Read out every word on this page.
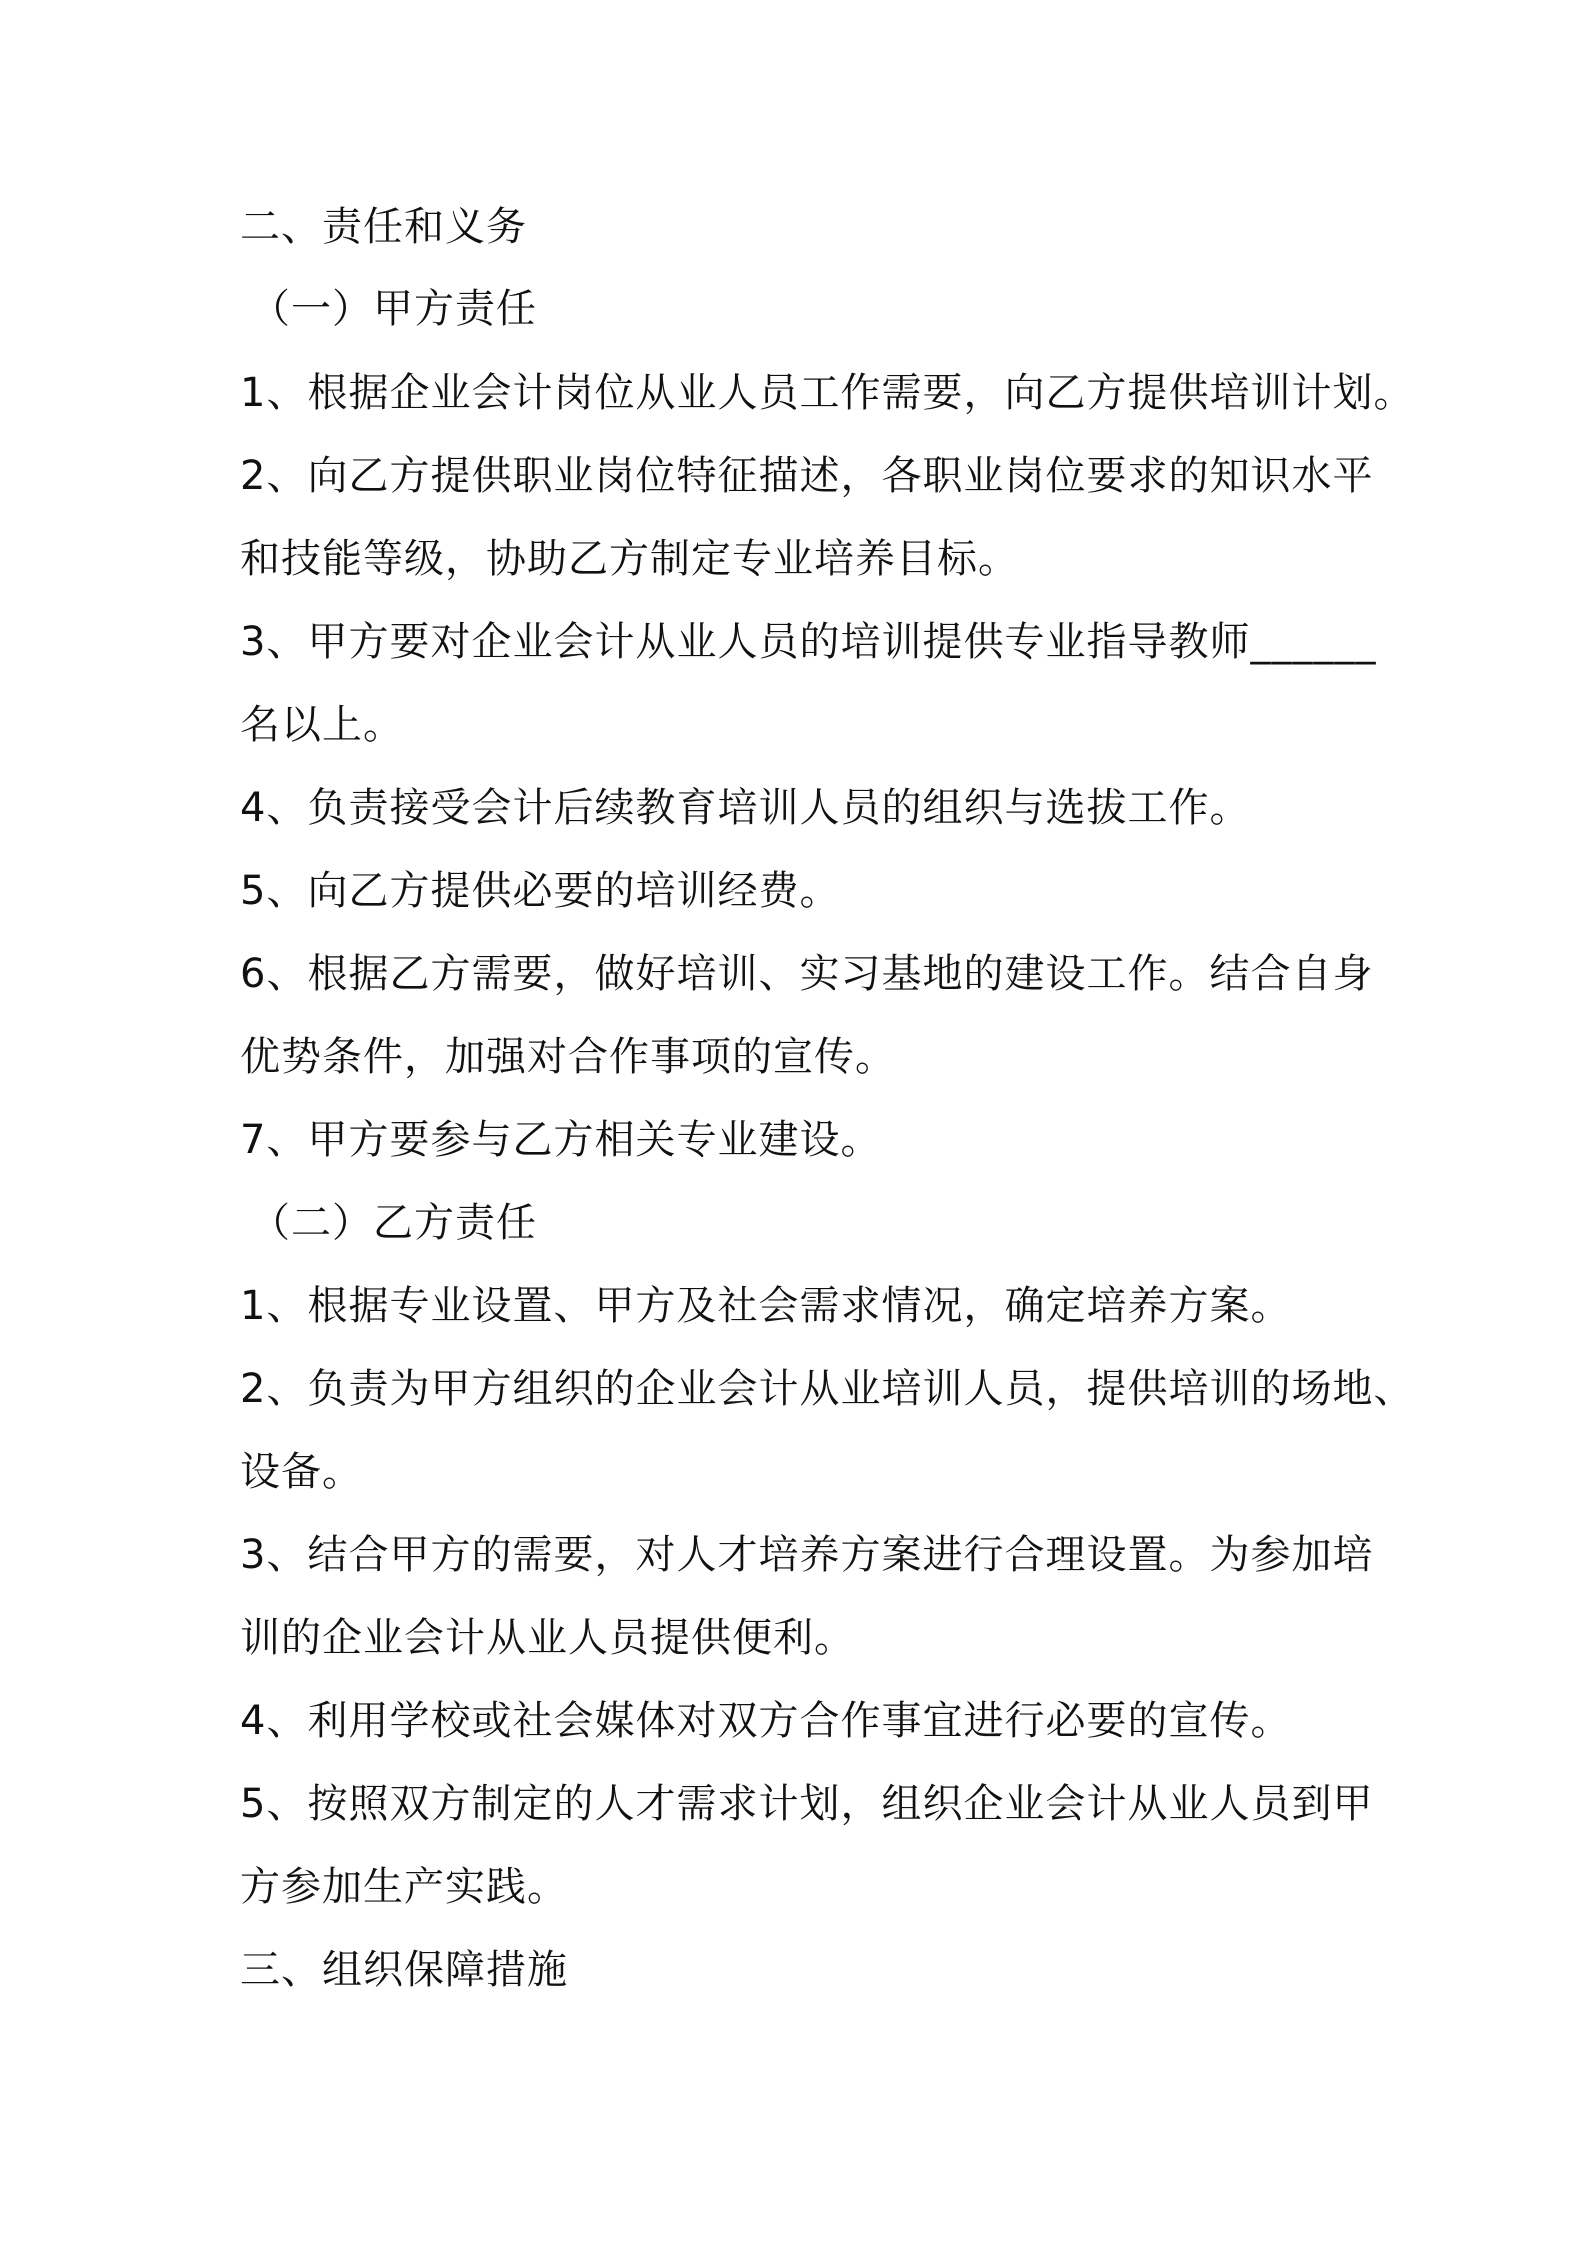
二、责任和义务
（一）甲方责任
1、根据企业会计岗位从业人员工作需要，向乙方提供培训计划。
2、向乙方提供职业岗位特征描述，各职业岗位要求的知识水平
和技能等级，协助乙方制定专业培养目标。
3、甲方要对企业会计从业人员的培训提供专业指导教师______
名以上。
4、负责接受会计后续教育培训人员的组织与选拔工作。
5、向乙方提供必要的培训经费。
6、根据乙方需要，做好培训、实习基地的建设工作。结合自身
优势条件，加强对合作事项的宣传。
7、甲方要参与乙方相关专业建设。
（二）乙方责任
1、根据专业设置、甲方及社会需求情况，确定培养方案。
2、负责为甲方组织的企业会计从业培训人员，提供培训的场地、
设备。
3、结合甲方的需要，对人才培养方案进行合理设置。为参加培
训的企业会计从业人员提供便利。
4、利用学校或社会媒体对双方合作事宜进行必要的宣传。
5、按照双方制定的人才需求计划，组织企业会计从业人员到甲
方参加生产实践。
三、组织保障措施
